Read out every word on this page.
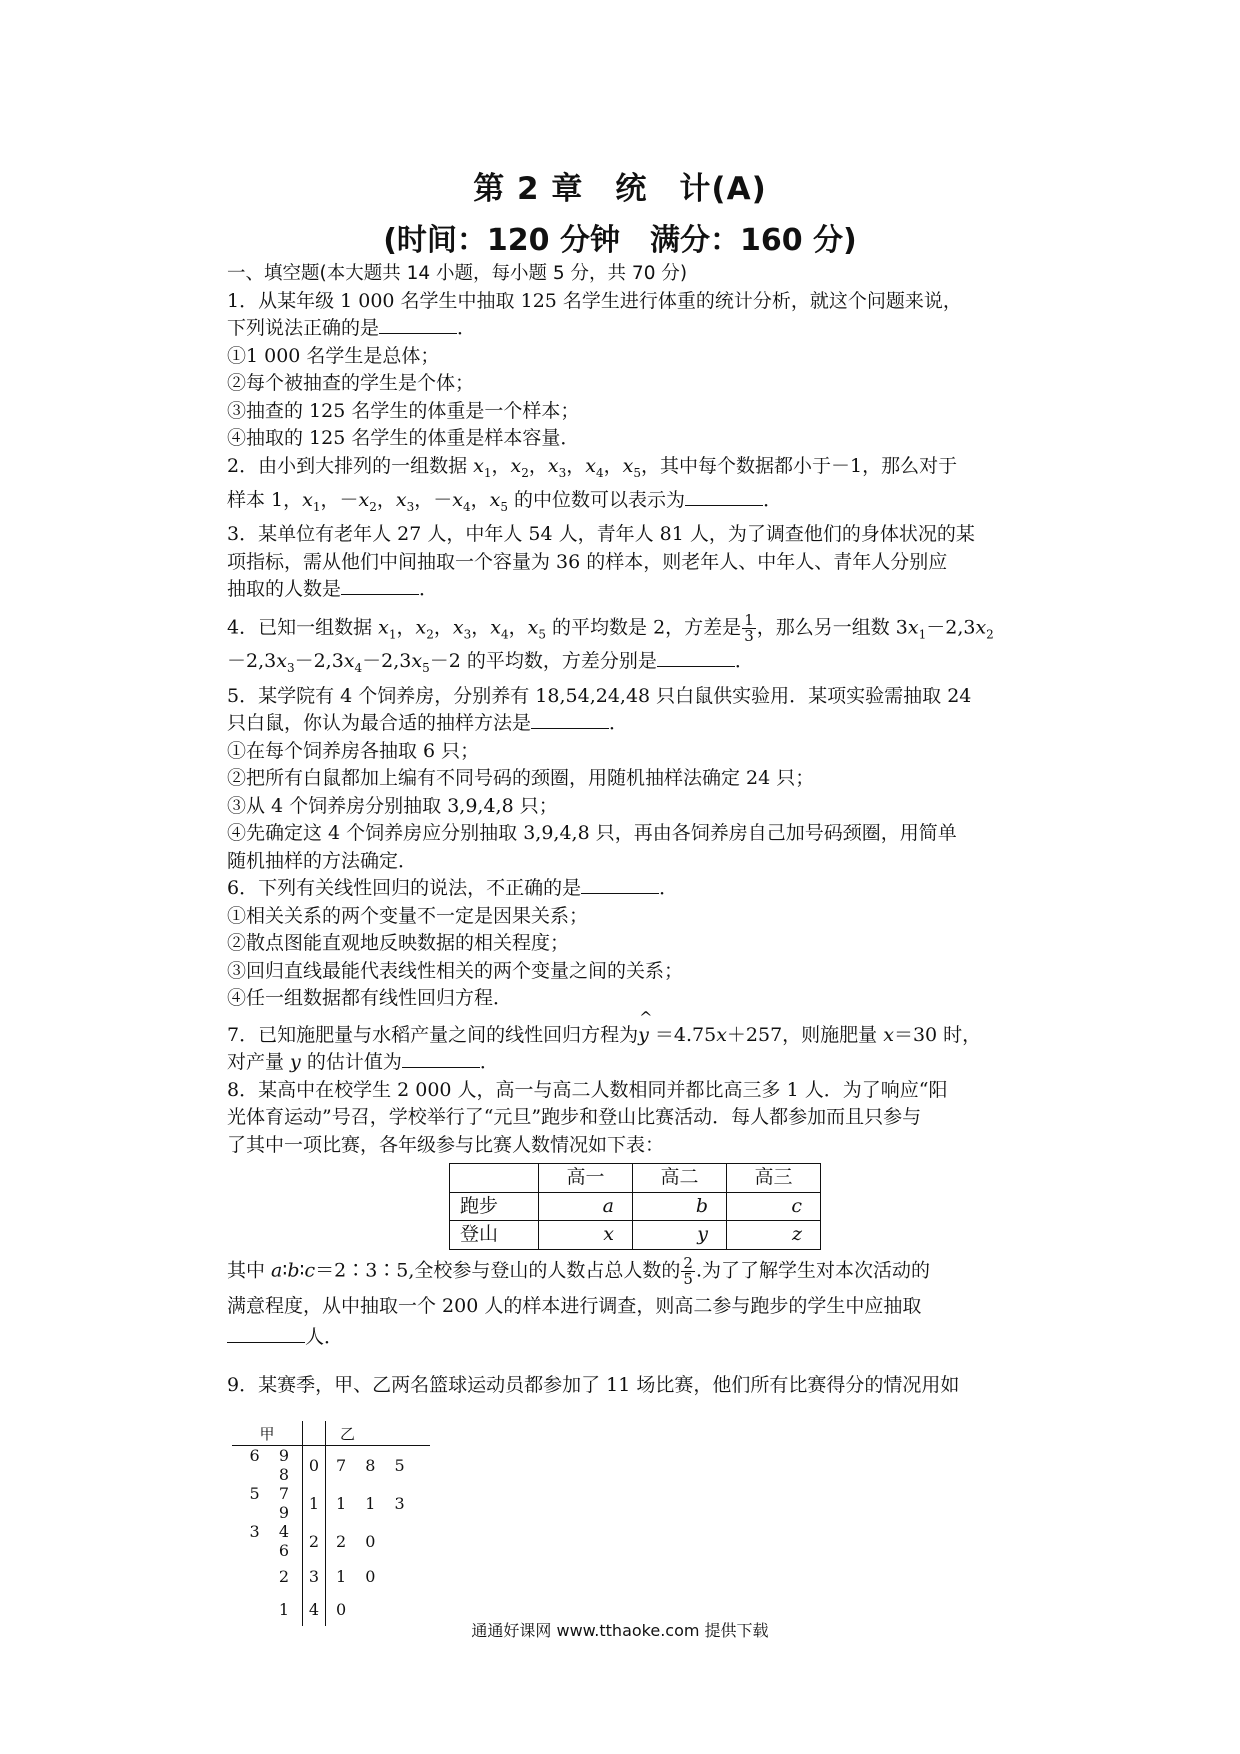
第 2 章　统　计(A)
(时间：120 分钟　满分：160 分)
一、填空题(本大题共 14 小题，每小题 5 分，共 70 分)
1．从某年级 1 000 名学生中抽取 125 名学生进行体重的统计分析，就这个问题来说，
下列说法正确的是	．
①1 000 名学生是总体；
②每个被抽查的学生是个体；
③抽查的 125 名学生的体重是一个样本；
④抽取的 125 名学生的体重是样本容量．
2．由小到大排列的一组数据 $x_1$，$x_2$，$x_3$，$x_4$，$x_5$，其中每个数据都小于－1，那么对于
样本 1，$x_1$，$-x_2$，$x_3$，$-x_4$，$x_5$ 的中位数可以表示为	．
3．某单位有老年人 27 人，中年人 54 人，青年人 81 人，为了调查他们的身体状况的某
项指标，需从他们中间抽取一个容量为 36 的样本，则老年人、中年人、青年人分别应
抽取的人数是	．
4．已知一组数据 $x_1$，$x_2$，$x_3$，$x_4$，$x_5$ 的平均数是 2，方差是 $\frac{1}{3}$ ，那么另一组数 $3x_1-2,3x_2$
$-2,3x_3-2,3x_4-2,3x_5-2$ 的平均数，方差分别是	．
5．某学院有 4 个饲养房，分别养有 18,54,24,48 只白鼠供实验用．某项实验需抽取 24
只白鼠，你认为最合适的抽样方法是	．
①在每个饲养房各抽取 6 只；
②把所有白鼠都加上编有不同号码的颈圈，用随机抽样法确定 24 只；
③从 4 个饲养房分别抽取 3,9,4,8 只；
④先确定这 4 个饲养房应分别抽取 3,9,4,8 只，再由各饲养房自己加号码颈圈，用简单
随机抽样的方法确定．
6．下列有关线性回归的说法，不正确的是	．
①相关关系的两个变量不一定是因果关系；
②散点图能直观地反映数据的相关程度；
③回归直线最能代表线性相关的两个变量之间的关系；
④任一组数据都有线性回归方程．
7．已知施肥量与水稻产量之间的线性回归方程为^ y ＝4.75x＋257，则施肥量 x＝30 时，
对产量 y 的估计值为	．
8．某高中在校学生 2 000 人，高一与高二人数相同并都比高三多 1 人．为了响应“阳
光体育运动”号召，学校举行了“元旦”跑步和登山比赛活动．每人都参加而且只参与
了其中一项比赛，各年级参与比赛人数情况如下表：
	高一	高二	高三
跑步	a	b	c
登山	x	y	z
其中 a∶b∶c＝2∶3∶5,全校参与登山的人数占总人数的 $\frac{2}{5}$ .为了了解学生对本次活动的
满意程度，从中抽取一个 200 人的样本进行调查，则高二参与跑步的学生中应抽取
人．
9．某赛季，甲、乙两名篮球运动员都参加了 11 场比赛，他们所有比赛得分的情况用如
甲		乙
6 9 8	0	7 8 5
5 7 9	1	1 1 3
3 4 6	2	2 0
2	3	1 0
1	4	0
通通好课网 www.tthaoke.com 提供下载
